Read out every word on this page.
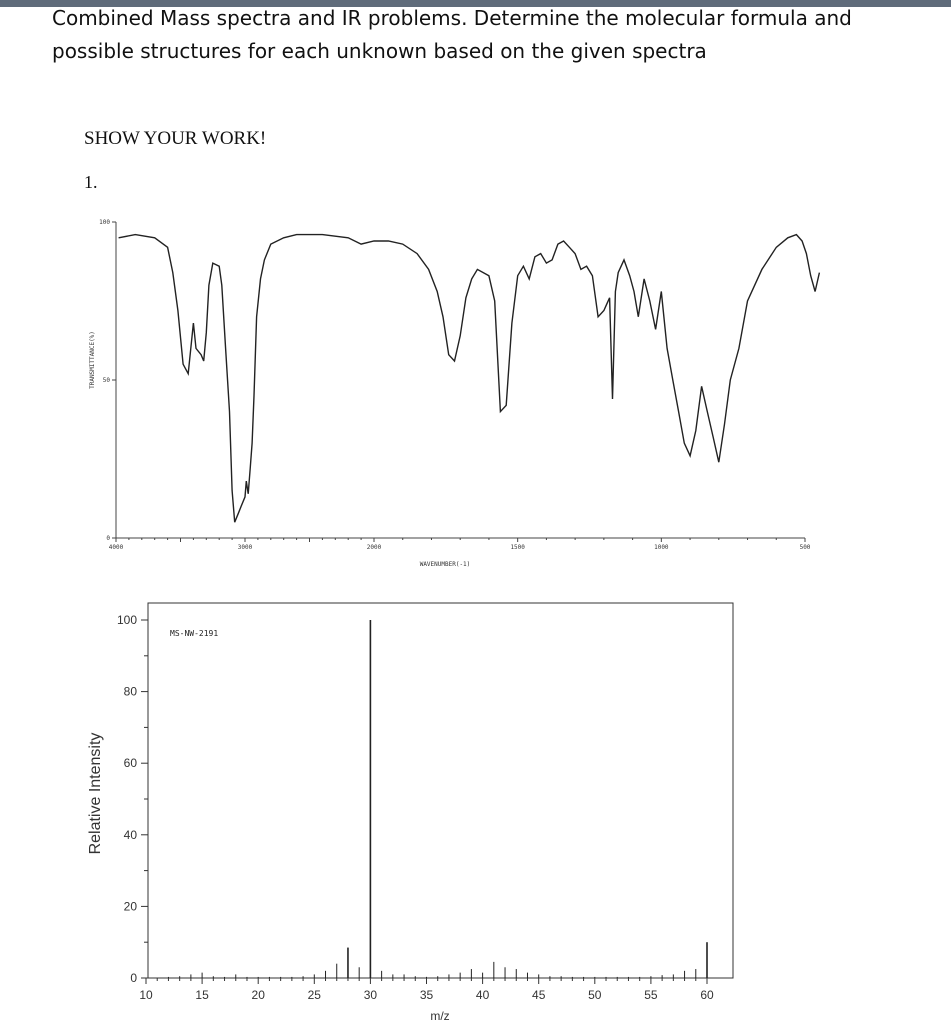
Combined Mass spectra and IR problems. Determine the molecular formula and
possible structures for each unknown based on the given spectra
SHOW YOUR WORK!
1.
100
50
0
4000	3000	2000	1500	1000	500
WAVENUMBER(-1)
TRANSMITTANCE(%)
0
20
40
60
80
100
10	15	20	25	30	35	40	45	50	55	60
MS-NW-2191
Relative Intensity
m/z
